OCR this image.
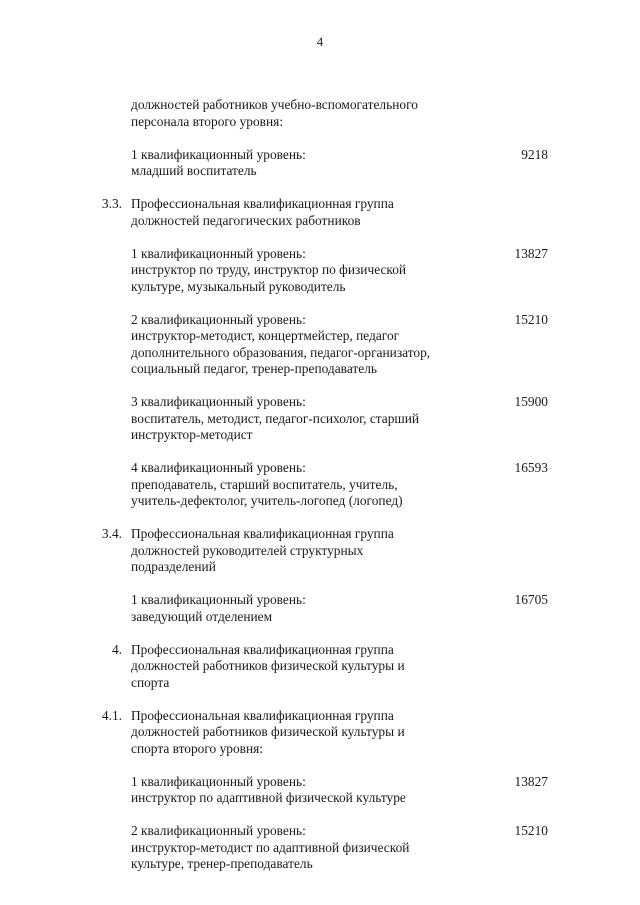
4
должностей работников учебно-вспомогательного
персонала второго уровня:
1 квалификационный уровень:
младший воспитатель
9218
3.3. Профессиональная квалификационная группа
должностей педагогических работников
1 квалификационный уровень:
инструктор по труду, инструктор по физической
культуре, музыкальный руководитель
13827
2 квалификационный уровень:
инструктор-методист, концертмейстер, педагог
дополнительного образования, педагог-организатор,
социальный педагог, тренер-преподаватель
15210
3 квалификационный уровень:
воспитатель, методист, педагог-психолог, старший
инструктор-методист
15900
4 квалификационный уровень:
преподаватель, старший воспитатель, учитель,
учитель-дефектолог, учитель-логопед (логопед)
16593
3.4. Профессиональная квалификационная группа
должностей руководителей структурных
подразделений
1 квалификационный уровень:
заведующий отделением
16705
4. Профессиональная квалификационная группа
должностей работников физической культуры и
спорта
4.1. Профессиональная квалификационная группа
должностей работников физической культуры и
спорта второго уровня:
1 квалификационный уровень:
инструктор по адаптивной физической культуре
13827
2 квалификационный уровень:
инструктор-методист по адаптивной физической
культуре, тренер-преподаватель
15210
